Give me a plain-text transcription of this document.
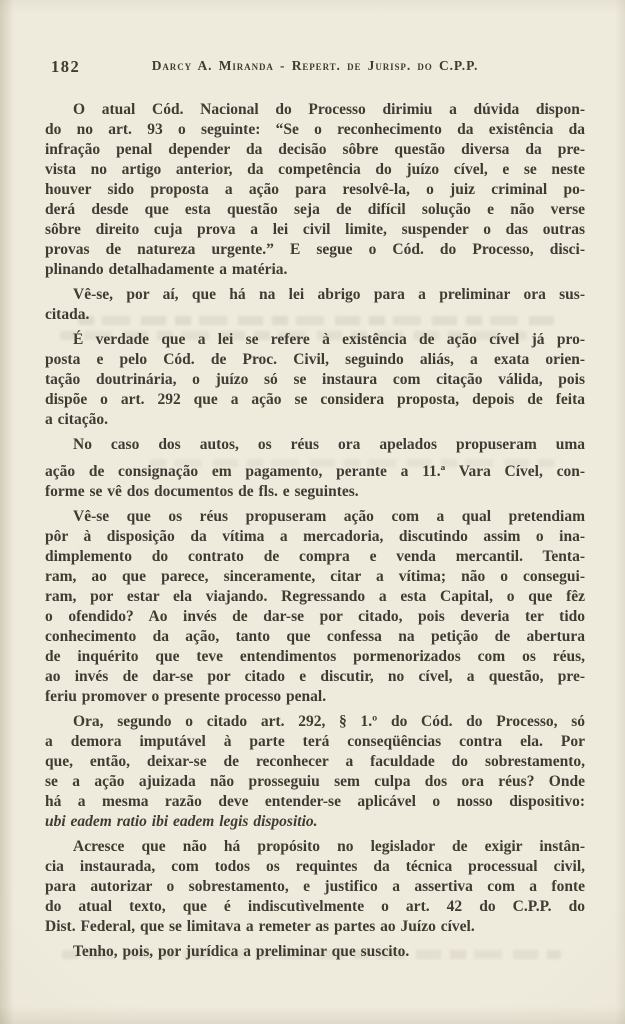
182	Darcy A. Miranda - Repert. de Jurisp. do C.P.P.
O atual Cód. Nacional do Processo dirimiu a dúvida dispon-
do no art. 93 o seguinte: “Se o reconhecimento da existência da
infração penal depender da decisão sôbre questão diversa da pre-
vista no artigo anterior, da competência do juízo cível, e se neste
houver sido proposta a ação para resolvê-la, o juiz criminal po-
derá desde que esta questão seja de difícil solução e não verse
sôbre direito cuja prova a lei civil limite, suspender o das outras
provas de natureza urgente.” E segue o Cód. do Processo, disci-
plinando detalhadamente a matéria.
Vê-se, por aí, que há na lei abrigo para a preliminar ora sus-
citada.
É verdade que a lei se refere à existência de ação cível já pro-
posta e pelo Cód. de Proc. Civil, seguindo aliás, a exata orien-
tação doutrinária, o juízo só se instaura com citação válida, pois
dispõe o art. 292 que a ação se considera proposta, depois de feita
a citação.
No caso dos autos, os réus ora apelados propuseram uma
ação de consignação em pagamento, perante a 11.ª Vara Cível, con-
forme se vê dos documentos de fls. e seguintes.
Vê-se que os réus propuseram ação com a qual pretendiam
pôr à disposição da vítima a mercadoria, discutindo assim o ina-
dimplemento do contrato de compra e venda mercantil. Tenta-
ram, ao que parece, sinceramente, citar a vítima; não o consegui-
ram, por estar ela viajando. Regressando a esta Capital, o que fêz
o ofendido? Ao invés de dar-se por citado, pois deveria ter tido
conhecimento da ação, tanto que confessa na petição de abertura
de inquérito que teve entendimentos pormenorizados com os réus,
ao invés de dar-se por citado e discutir, no cível, a questão, pre-
feriu promover o presente processo penal.
Ora, segundo o citado art. 292, § 1.º do Cód. do Processo, só
a demora imputável à parte terá conseqüências contra ela. Por
que, então, deixar-se de reconhecer a faculdade do sobrestamento,
se a ação ajuizada não prosseguiu sem culpa dos ora réus? Onde
há a mesma razão deve entender-se aplicável o nosso dispositivo:
ubi eadem ratio ibi eadem legis dispositio.
Acresce que não há propósito no legislador de exigir instân-
cia instaurada, com todos os requintes da técnica processual civil,
para autorizar o sobrestamento, e justifico a assertiva com a fonte
do atual texto, que é indiscutìvelmente o art. 42 do C.P.P. do
Dist. Federal, que se limitava a remeter as partes ao Juízo cível.
Tenho, pois, por jurídica a preliminar que suscito.
